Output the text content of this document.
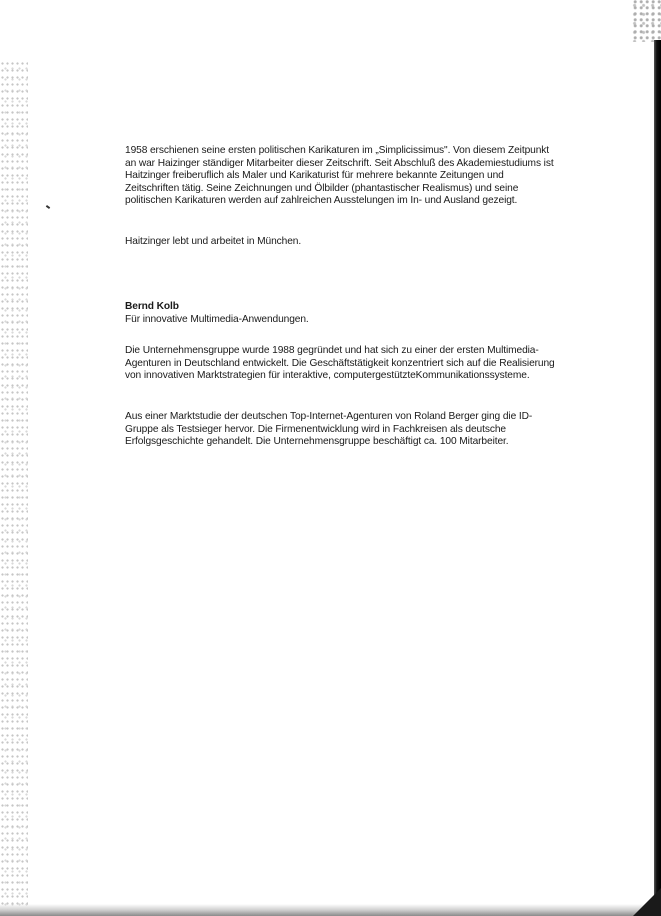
1958 erschienen seine ersten politischen Karikaturen im „Simplicissimus". Von diesem Zeitpunkt an war Haizinger ständiger Mitarbeiter dieser Zeitschrift. Seit Abschluß des Akademiestudiums ist Haitzinger freiberuflich als Maler und Karikaturist für mehrere bekannte Zeitungen und Zeitschriften tätig. Seine Zeichnungen und Ölbilder (phantastischer Realismus) und seine politischen Karikaturen werden auf zahlreichen Ausstelungen im In- und Ausland gezeigt.

Haitzinger lebt und arbeitet in München.

Bernd Kolb
Für innovative Multimedia-Anwendungen.

Die Unternehmensgruppe wurde 1988 gegründet und hat sich zu einer der ersten Multimedia-Agenturen in Deutschland entwickelt. Die Geschäftstätigkeit konzentriert sich auf die Realisierung von innovativen Marktstrategien für interaktive, computergestützteKommunikationssysteme.

Aus einer Marktstudie der deutschen Top-Internet-Agenturen von Roland Berger ging die ID-Gruppe als Testsieger hervor. Die Firmenentwicklung wird in Fachkreisen als deutsche Erfolgsgeschichte gehandelt. Die Unternehmensgruppe beschäftigt ca. 100 Mitarbeiter.
